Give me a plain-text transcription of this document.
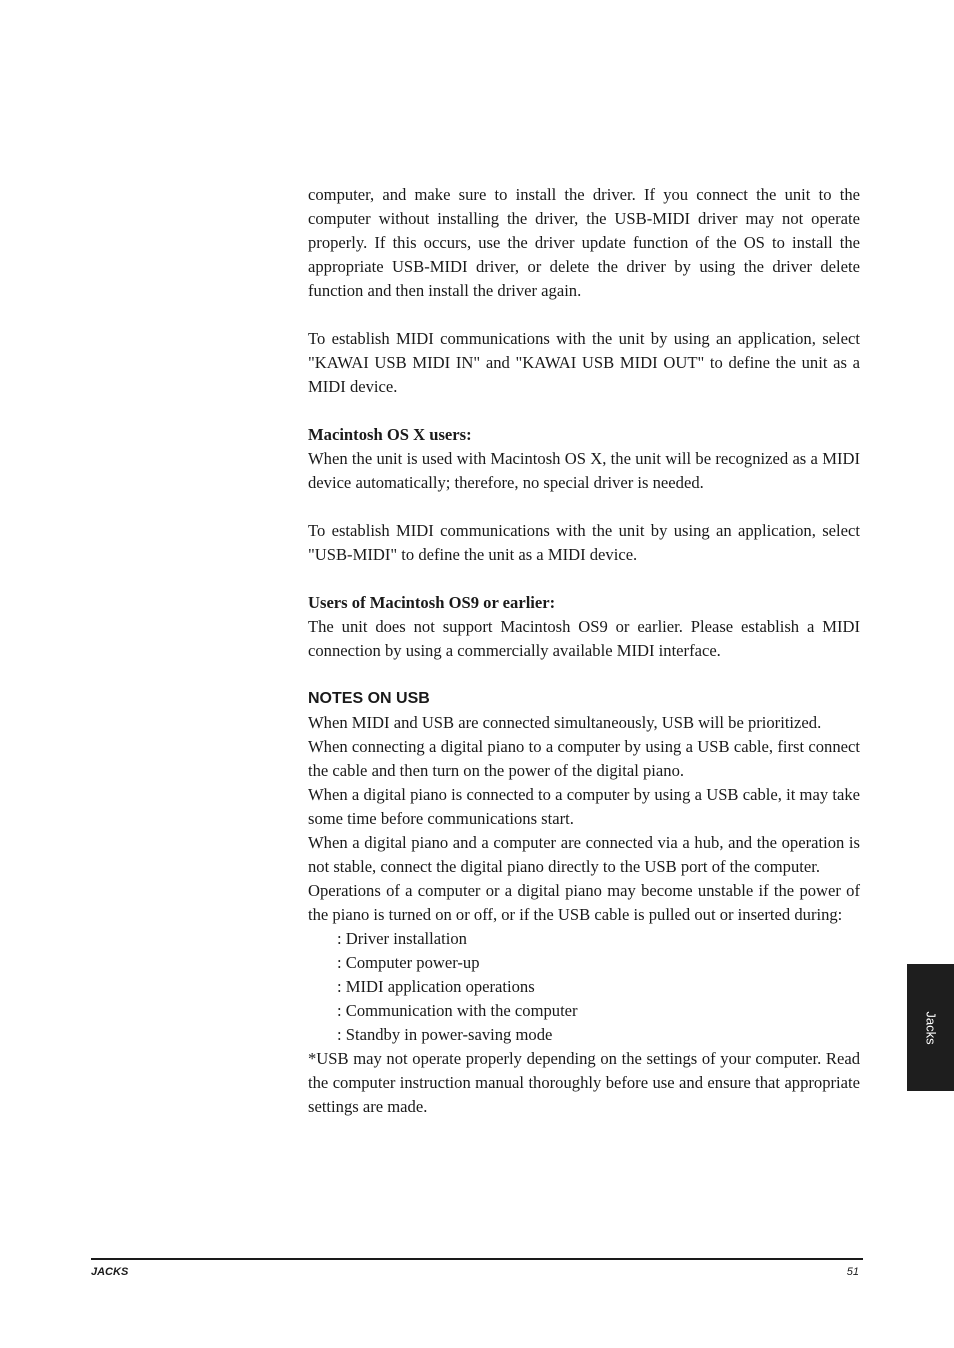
computer, and make sure to install the driver. If you connect the unit to the computer without installing the driver, the USB-MIDI driver may not operate properly. If this occurs, use the driver update function of the OS to install the appropriate USB-MIDI driver, or delete the driver by using the driver delete function and then install the driver again.

To establish MIDI communications with the unit by using an application, select "KAWAI USB MIDI IN" and "KAWAI USB MIDI OUT" to define the unit as a MIDI device.

Macintosh OS X users:

When the unit is used with Macintosh OS X, the unit will be recognized as a MIDI device automatically; therefore, no special driver is needed.

To establish MIDI communications with the unit by using an application, select "USB-MIDI" to define the unit as a MIDI device.

Users of Macintosh OS9 or earlier:

The unit does not support Macintosh OS9 or earlier. Please establish a MIDI connection by using a commercially available MIDI interface.

NOTES ON USB

When MIDI and USB are connected simultaneously, USB will be prioritized.

When connecting a digital piano to a computer by using a USB cable, first connect the cable and then turn on the power of the digital piano.

When a digital piano is connected to a computer by using a USB cable, it may take some time before communications start.

When a digital piano and a computer are connected via a hub, and the operation is not stable, connect the digital piano directly to the USB port of the computer.

Operations of a computer or a digital piano may become unstable if the power of the piano is turned on or off, or if the USB cable is pulled out or inserted during:

: Driver installation

: Computer power-up

: MIDI application operations

: Communication with the computer

: Standby in power-saving mode

*USB may not operate properly depending on the settings of your computer. Read the computer instruction manual thoroughly before use and ensure that appropriate settings are made.

Jacks
JACKS	51
